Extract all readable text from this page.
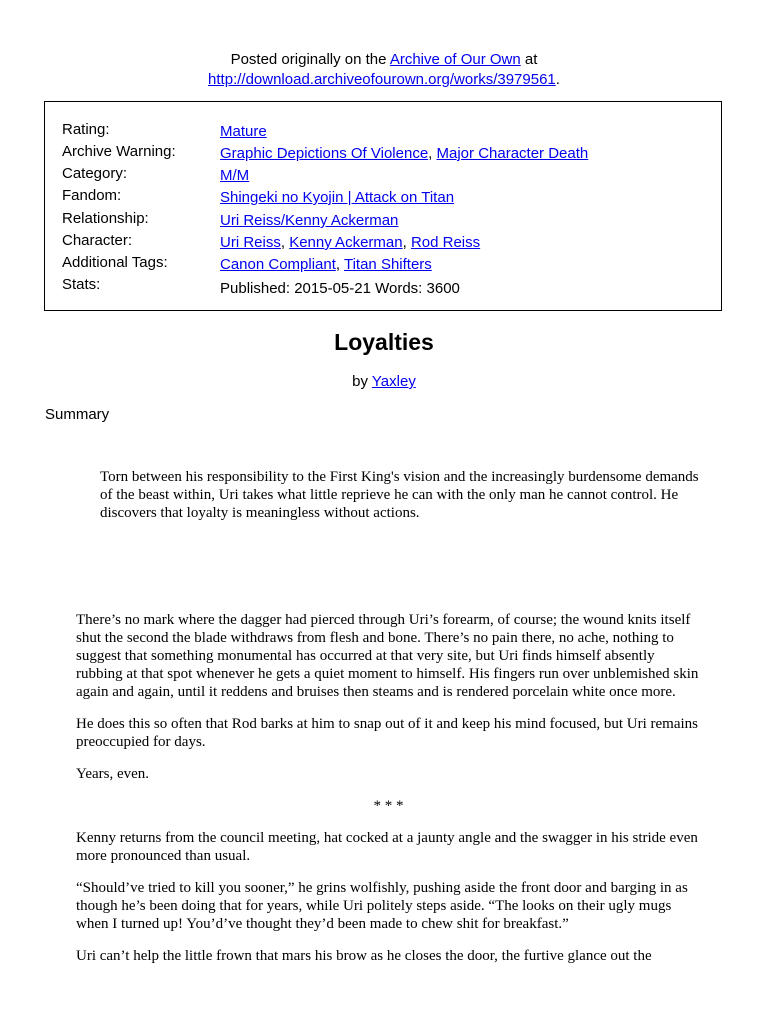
Posted originally on the Archive of Our Own at
http://download.archiveofourown.org/works/3979561.
Rating:	Mature
Archive Warning:	Graphic Depictions Of Violence, Major Character Death
Category:	M/M
Fandom:	Shingeki no Kyojin | Attack on Titan
Relationship:	Uri Reiss/Kenny Ackerman
Character:	Uri Reiss, Kenny Ackerman, Rod Reiss
Additional Tags:	Canon Compliant, Titan Shifters
Stats:	Published: 2015-05-21 Words: 3600
Loyalties
by Yaxley
Summary
Torn between his responsibility to the First King's vision and the increasingly burdensome demands of the beast within, Uri takes what little reprieve he can with the only man he cannot control. He discovers that loyalty is meaningless without actions.

There’s no mark where the dagger had pierced through Uri’s forearm, of course; the wound knits itself shut the second the blade withdraws from flesh and bone. There’s no pain there, no ache, nothing to suggest that something monumental has occurred at that very site, but Uri finds himself absently rubbing at that spot whenever he gets a quiet moment to himself. His fingers run over unblemished skin again and again, until it reddens and bruises then steams and is rendered porcelain white once more.

He does this so often that Rod barks at him to snap out of it and keep his mind focused, but Uri remains preoccupied for days.

Years, even.

* * *

Kenny returns from the council meeting, hat cocked at a jaunty angle and the swagger in his stride even more pronounced than usual.

“Should’ve tried to kill you sooner,” he grins wolfishly, pushing aside the front door and barging in as though he’s been doing that for years, while Uri politely steps aside. “The looks on their ugly mugs when I turned up! You’d’ve thought they’d been made to chew shit for breakfast.”

Uri can’t help the little frown that mars his brow as he closes the door, the furtive glance out the
